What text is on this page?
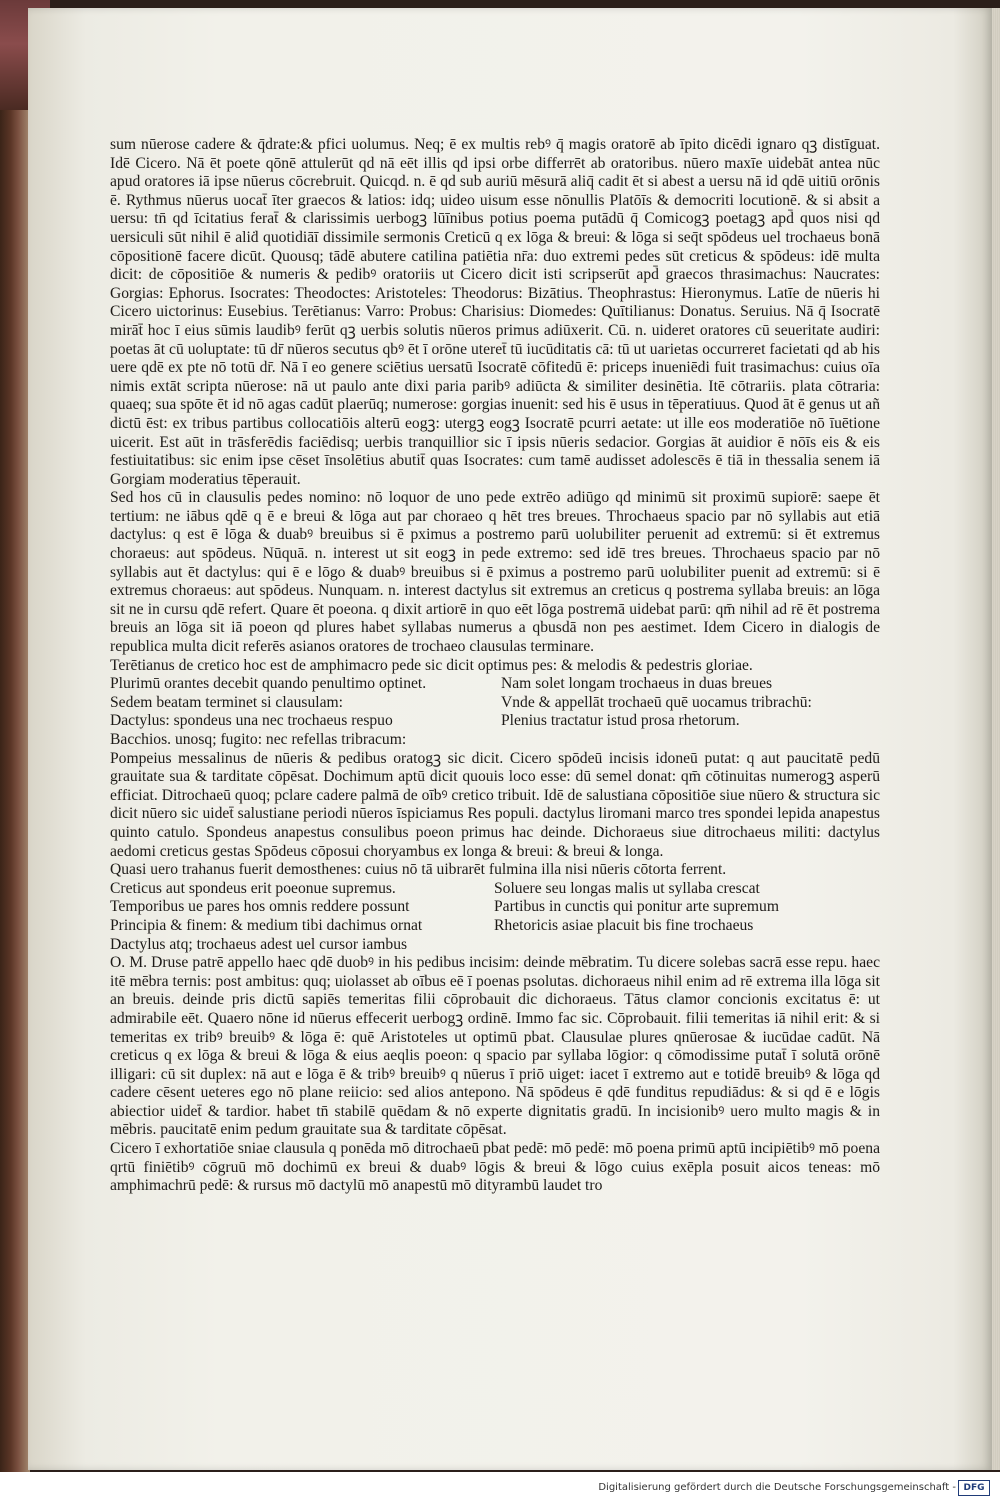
sum nūerose cadere & q̄drate:& pfici uolumus. Neq; ē ex multis rebꝰ q̄ magis oratorē ab īpito dicēdi ignaro qꝫ distīguat. Idē Cicero. Nā ēt poete qōnē attulerūt qd nā eēt illis qd ipsi orbe differrēt ab oratoribus. nūero maxīe uidebāt antea nūc apud oratores iā ipse nūerus cōcrebruit. Quicqd. n. ē qd sub auriū mēsurā aliq̄ cadit ēt si abest a uersu nā id qdē uitiū orōnis ē. Rythmus nūerus uocat̄ īter graecos & latios: idq; uideo uisum esse nōnullis Platōīs & democriti locutionē. & si absit a uersu: tn̄ qd īcitatius ferat̄ & clarissimis uerbogꝫ lūīnibus potius poema putādū q̄ Comicogꝫ poetagꝫ apd̄ quos nisi qd uersiculi sūt nihil ē aliḋ quotidiāī dissimile sermonis Creticū q ex lōga & breui: & lōga si seq̄t spōdeus uel trochaeus bonā cōpositionē facere dicūt. Quousq; tādē abutere catilina patiētia nr̄a: duo extremi pedes sūt creticus & spōdeus: idē multa dicit: de cōpositiōe & numeris & pedibꝰ oratoriis ut Cicero dicit isti scripserūt apd̄ graecos thrasimachus: Naucrates: Gorgias: Ephorus. Isocrates: Theodoctes: Aristoteles: Theodorus: Bizātius. Theophrastus: Hieronymus. Latīe de nūeris hi Cicero uictorinus: Eusebius. Terētianus: Varro: Probus: Charisius: Diomedes: Quītilianus: Donatus. Seruius. Nā q̄ Isocratē mirāt̄ hoc ī eius sūmis laudibꝰ ferūt qꝫ uerbis solutis nūeros primus adiūxerit. Cū. n. uideret oratores cū seueritate audiri: poetas āt cū uoluptate: tū dr̄ nūeros secutus qbꝰ ēt ī orōne uteret̄ tū iucūditatis cā: tū ut uarietas occurreret facietati qd ab his uere qdē ex pte nō totū dr̄. Nā ī eo genere sciētius uersatū Isocratē cōfitedū ē: priceps inueniēdi fuit trasimachus: cuius oīa nimis extāt scripta nūerose: nā ut paulo ante dixi paria paribꝰ adiūcta & similiter desinētia. Itē cōtrariis. plata cōtraria: quaeq; sua spōte ēt id nō agas cadūt plaerūq; numerose: gorgias inuenit: sed his ē usus in tēperatiuus. Quod āt ē genus ut añ dictū ēst: ex tribus partibus collocatiōis alterū eogꝫ: utergꝫ eogꝫ Isocratē pcurri aetate: ut ille eos moderatiōe nō īuētione uicerit. Est aūt in trāsferēdis faciēdisq; uerbis tranquillior sic ī ipsis nūeris sedacior. Gorgias āt auidior ē nōīs eis & eis festiuitatibus: sic enim ipse cēset īnsolētius abutit̄ quas Isocrates: cum tamē audisset adolescēs ē tiā in thessalia senem iā Gorgiam moderatius tēperauit.

Sed hos cū in clausulis pedes nomino: nō loquor de uno pede extrēo adiūgo qd minimū sit proximū supiorē: saepe ēt tertium: ne iābus qdē q ē e breui & lōga aut par choraeo q hēt tres breues. Throchaeus spacio par nō syllabis aut etiā dactylus: q est ē lōga & duabꝰ breuibus si ē pximus a postremo parū uolubiliter peruenit ad extremū: si ēt extremus choraeus: aut spōdeus. Nūquā. n. interest ut sit eogꝫ in pede extremo: sed idē tres breues. Throchaeus spacio par nō syllabis aut ēt dactylus: qui ē e lōgo & duabꝰ breuibus si ē pximus a postremo parū uolubiliter puenit ad extremū: si ē extremus choraeus: aut spōdeus. Nunquam. n. interest dactylus sit extremus an creticus q postrema syllaba breuis: an lōga sit ne in cursu qdē refert. Quare ēt poeona. q dixit artiorē in quo eēt lōga postremā uidebat parū: qm̄ nihil ad rē ēt postrema breuis an lōga sit iā poeon qd plures habet syllabas numerus a qbusdā non pes aestimet. Idem Cicero in dialogis de republica multa dicit referēs asianos oratores de trochaeo clausulas terminare.

Terētianus de cretico hoc est de amphimacro pede sic dicit optimus pes: & melodis & pedestris gloriae.

Plurimū orantes decebit quando penultimo optinet.
Sedem beatam terminet si clausulam:
Dactylus: spondeus una nec trochaeus respuo
Bacchios. unosq; fugito: nec refellas tribracum:
Nam solet longam trochaeus in duas breues
Vnde & appellāt trochaeū quē uocamus tribrachū:
Plenius tractatur istud prosa rhetorum.

Pompeius messalinus de nūeris & pedibus oratogꝫ sic dicit. Cicero spōdeū incisis idoneū putat: q aut paucitatē pedū grauitate sua & tarditate cōpēsat. Dochimum aptū dicit quouis loco esse: dū semel donat: qm̄ cōtinuitas numerogꝫ asperū efficiat. Ditrochaeū quoq; pclare cadere palmā de oībꝰ cretico tribuit. Idē de salustiana cōpositiōe siue nūero & structura sic dicit nūero sic uidet̄ salustiane periodi nūeros īspiciamus Res populi. dactylus liromani marco tres spondei lepida anapestus quinto catulo. Spondeus anapestus consulibus poeon primus hac deinde. Dichoraeus siue ditrochaeus militi: dactylus aedomi creticus gestas Spōdeus cōposui choryambus ex longa & breui: & breui & longa.

Quasi uero trahanus fuerit demosthenes: cuius nō tā uibrarēt fulmina illa nisi nūeris cōtorta ferrent.

Creticus aut spondeus erit poeonue supremus.
Temporibus ue pares hos omnis reddere possunt
Principia & finem: & medium tibi dachimus ornat
Dactylus atq; trochaeus adest uel cursor iambus
Soluere seu longas malis ut syllaba crescat
Partibus in cunctis qui ponitur arte supremum
Rhetoricis asiae placuit bis fine trochaeus

O. M. Druse patrē appello haec qdē duobꝰ in his pedibus incisim: deinde mēbratim. Tu dicere solebas sacrā esse repu. haec itē mēbra ternis: post ambitus: quq; uiolasset ab oībus eē ī poenas psolutas. dichoraeus nihil enim ad rē extrema illa lōga sit an breuis. deinde pris dictū sapiēs temeritas filii cōprobauit dic dichoraeus. Tātus clamor concionis excitatus ē: ut admirabile eēt. Quaero nōne id nūerus effecerit uerbogꝫ ordinē. Immo fac sic. Cōprobauit. filii temeritas iā nihil erit: & si temeritas ex tribꝰ breuibꝰ & lōga ē: quē Aristoteles ut optimū pbat. Clausulae plures qnūerosae & iucūdae cadūt. Nā creticus q ex lōga & breui & lōga & eius aeqlis poeon: q spacio par syllaba lōgior: q cōmodissime putat̄ ī solutā orōnē illigari: cū sit duplex: nā aut e lōga ē & tribꝰ breuibꝰ q nūerus ī priō uiget: iacet ī extremo aut e totidē breuibꝰ & lōga qd cadere cēsent ueteres ego nō plane reiicio: sed alios antepono. Nā spōdeus ē qdē funditus repudiādus: & si qd ē e lōgis abiectior uidet̄ & tardior. habet tn̄ stabilē quēdam & nō experte dignitatis gradū. In incisionibꝰ uero multo magis & in mēbris. paucitatē enim pedum grauitate sua & tarditate cōpēsat.

Cicero ī exhortatiōe sniae clausula q ponēda mō ditrochaeū pbat pedē: mō pedē: mō poena primū aptū incipiētibꝰ mō poena qrtū finiētibꝰ cōgruū mō dochimū ex breui & duabꝰ lōgis & breui & lōgo cuius exēpla posuit aicos teneas: mō amphimachrū pedē: & rursus mō dactylū mō anapestū mō dityrambū laudet tro

Digitalisierung gefördert durch die Deutsche Forschungsgemeinschaft - DFG
